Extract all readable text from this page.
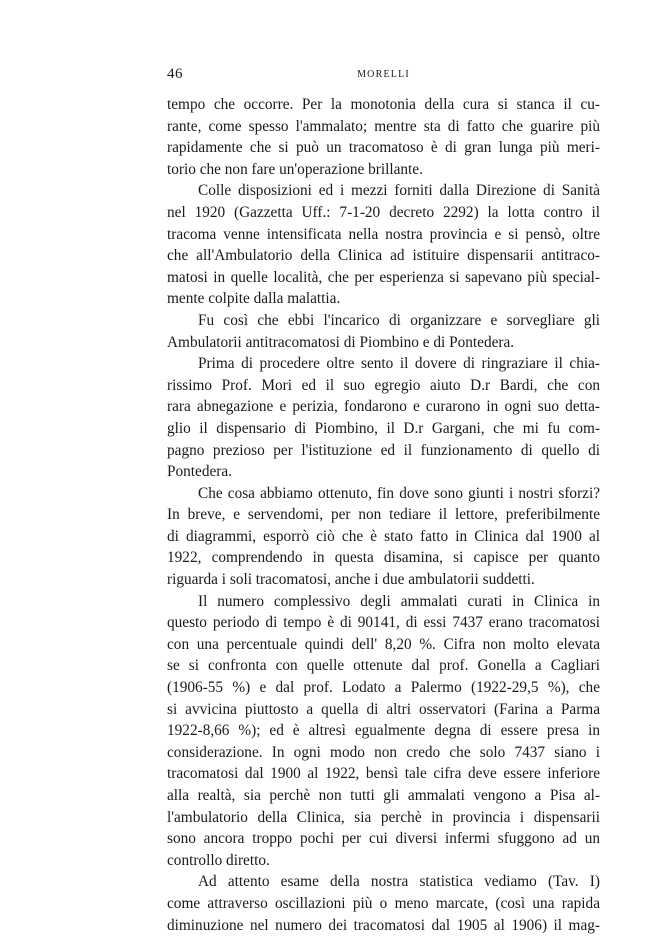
46	MORELLI
tempo che occorre. Per la monotonia della cura si stanca il cu-
rante, come spesso l'ammalato; mentre sta di fatto che guarire più
rapidamente che si può un tracomatoso è di gran lunga più meri-
torio che non fare un'operazione brillante.
Colle disposizioni ed i mezzi forniti dalla Direzione di Sanità
nel 1920 (Gazzetta Uff.: 7-1-20 decreto 2292) la lotta contro il
tracoma venne intensificata nella nostra provincia e si pensò, oltre
che all'Ambulatorio della Clinica ad istituire dispensarii antitraco-
matosi in quelle località, che per esperienza si sapevano più special-
mente colpite dalla malattia.
Fu così che ebbi l'incarico di organizzare e sorvegliare gli
Ambulatorii antitracomatosi di Piombino e di Pontedera.
Prima di procedere oltre sento il dovere di ringraziare il chia-
rissimo Prof. Mori ed il suo egregio aiuto D.r Bardi, che con
rara abnegazione e perizia, fondarono e curarono in ogni suo detta-
glio il dispensario di Piombino, il D.r Gargani, che mi fu com-
pagno prezioso per l'istituzione ed il funzionamento di quello di
Pontedera.
Che cosa abbiamo ottenuto, fin dove sono giunti i nostri sforzi?
In breve, e servendomi, per non tediare il lettore, preferibilmente
di diagrammi, esporrò ciò che è stato fatto in Clinica dal 1900 al
1922, comprendendo in questa disamina, si capisce per quanto
riguarda i soli tracomatosi, anche i due ambulatorii suddetti.
Il numero complessivo degli ammalati curati in Clinica in
questo periodo di tempo è di 90141, di essi 7437 erano tracomatosi
con una percentuale quindi dell' 8,20 %. Cifra non molto elevata
se si confronta con quelle ottenute dal prof. Gonella a Cagliari
(1906-55 %) e dal prof. Lodato a Palermo (1922-29,5 %), che
si avvicina piuttosto a quella di altri osservatori (Farina a Parma
1922-8,66 %); ed è altresì egualmente degna di essere presa in
considerazione. In ogni modo non credo che solo 7437 siano i
tracomatosi dal 1900 al 1922, bensì tale cifra deve essere inferiore
alla realtà, sia perchè non tutti gli ammalati vengono a Pisa al-
l'ambulatorio della Clinica, sia perchè in provincia i dispensarii
sono ancora troppo pochi per cui diversi infermi sfuggono ad un
controllo diretto.
Ad attento esame della nostra statistica vediamo (Tav. I)
come attraverso oscillazioni più o meno marcate, (così una rapida
diminuzione nel numero dei tracomatosi dal 1905 al 1906) il mag-
